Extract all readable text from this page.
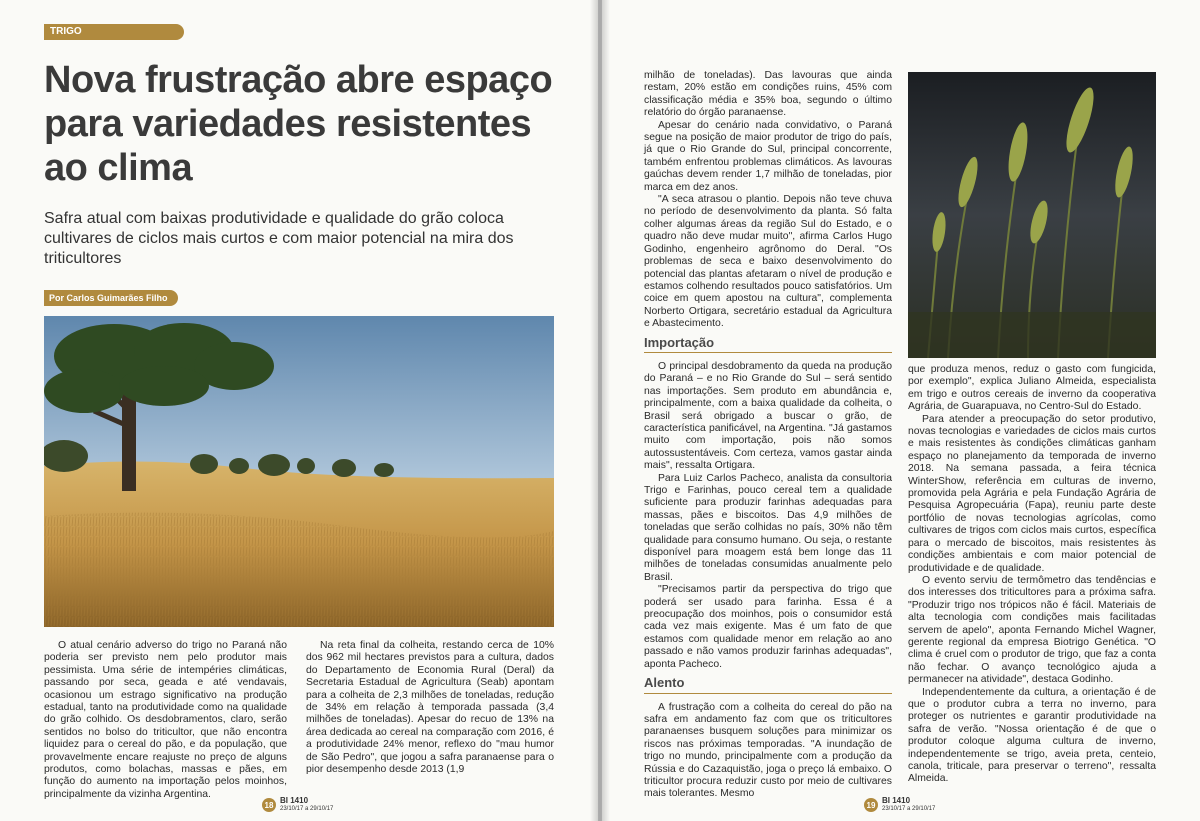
TRIGO
Nova frustração abre espaço para variedades resistentes ao clima
Safra atual com baixas produtividade e qualidade do grão coloca cultivares de ciclos mais curtos e com maior potencial na mira dos triticultores
Por Carlos Guimarães Filho

O atual cenário adverso do trigo no Paraná não poderia ser previsto nem pelo produtor mais pessimista. Uma série de intempéries climáticas, passando por seca, geada e até vendavais, ocasionou um estrago significativo na produção estadual, tanto na produtividade como na qualidade do grão colhido. Os desdobramentos, claro, serão sentidos no bolso do triticultor, que não encontra liquidez para o cereal do pão, e da população, que provavelmente encare reajuste no preço de alguns produtos, como bolachas, massas e pães, em função do aumento na importação pelos moinhos, principalmente da vizinha Argentina.

Na reta final da colheita, restando cerca de 10% dos 962 mil hectares previstos para a cultura, dados do Departamento de Economia Rural (Deral) da Secretaria Estadual de Agricultura (Seab) apontam para a colheita de 2,3 milhões de toneladas, redução de 34% em relação à temporada passada (3,4 milhões de toneladas). Apesar do recuo de 13% na área dedicada ao cereal na comparação com 2016, é a produtividade 24% menor, reflexo do "mau humor de São Pedro", que jogou a safra paranaense para o pior desempenho desde 2013 (1,9

18 BI 1410
23/10/17 a 29/10/17

milhão de toneladas). Das lavouras que ainda restam, 20% estão em condições ruins, 45% com classificação média e 35% boa, segundo o último relatório do órgão paranaense.

Apesar do cenário nada convidativo, o Paraná segue na posição de maior produtor de trigo do país, já que o Rio Grande do Sul, principal concorrente, também enfrentou problemas climáticos. As lavouras gaúchas devem render 1,7 milhão de toneladas, pior marca em dez anos.

"A seca atrasou o plantio. Depois não teve chuva no período de desenvolvimento da planta. Só falta colher algumas áreas da região Sul do Estado, e o quadro não deve mudar muito", afirma Carlos Hugo Godinho, engenheiro agrônomo do Deral. "Os problemas de seca e baixo desenvolvimento do potencial das plantas afetaram o nível de produção e estamos colhendo resultados pouco satisfatórios. Um coice em quem apostou na cultura", complementa Norberto Ortigara, secretário estadual da Agricultura e Abastecimento.

Importação

O principal desdobramento da queda na produção do Paraná – e no Rio Grande do Sul – será sentido nas importações. Sem produto em abundância e, principalmente, com a baixa qualidade da colheita, o Brasil será obrigado a buscar o grão, de característica panificável, na Argentina. "Já gastamos muito com importação, pois não somos autossustentáveis. Com certeza, vamos gastar ainda mais", ressalta Ortigara.

Para Luiz Carlos Pacheco, analista da consultoria Trigo e Farinhas, pouco cereal tem a qualidade suficiente para produzir farinhas adequadas para massas, pães e biscoitos. Das 4,9 milhões de toneladas que serão colhidas no país, 30% não têm qualidade para consumo humano. Ou seja, o restante disponível para moagem está bem longe das 11 milhões de toneladas consumidas anualmente pelo Brasil.

"Precisamos partir da perspectiva do trigo que poderá ser usado para farinha. Essa é a preocupação dos moinhos, pois o consumidor está cada vez mais exigente. Mas é um fato de que estamos com qualidade menor em relação ao ano passado e não vamos produzir farinhas adequadas", aponta Pacheco.

Alento

A frustração com a colheita do cereal do pão na safra em andamento faz com que os triticultores paranaenses busquem soluções para minimizar os riscos nas próximas temporadas. "A inundação de trigo no mundo, principalmente com a produção da Rússia e do Cazaquistão, joga o preço lá embaixo. O triticultor procura reduzir custo por meio de cultivares mais tolerantes. Mesmo

que produza menos, reduz o gasto com fungicida, por exemplo", explica Juliano Almeida, especialista em trigo e outros cereais de inverno da cooperativa Agrária, de Guarapuava, no Centro-Sul do Estado.

Para atender a preocupação do setor produtivo, novas tecnologias e variedades de ciclos mais curtos e mais resistentes às condições climáticas ganham espaço no planejamento da temporada de inverno 2018. Na semana passada, a feira técnica WinterShow, referência em culturas de inverno, promovida pela Agrária e pela Fundação Agrária de Pesquisa Agropecuária (Fapa), reuniu parte deste portfólio de novas tecnologias agrícolas, como cultivares de trigos com ciclos mais curtos, específica para o mercado de biscoitos, mais resistentes às condições ambientais e com maior potencial de produtividade e de qualidade.

O evento serviu de termômetro das tendências e dos interesses dos triticultores para a próxima safra. "Produzir trigo nos trópicos não é fácil. Materiais de alta tecnologia com condições mais facilitadas servem de apelo", aponta Fernando Michel Wagner, gerente regional da empresa Biotrigo Genética. "O clima é cruel com o produtor de trigo, que faz a conta não fechar. O avanço tecnológico ajuda a permanecer na atividade", destaca Godinho.

Independentemente da cultura, a orientação é de que o produtor cubra a terra no inverno, para proteger os nutrientes e garantir produtividade na safra de verão. "Nossa orientação é de que o produtor coloque alguma cultura de inverno, independentemente se trigo, aveia preta, centeio, canola, triticale, para preservar o terreno", ressalta Almeida.

19 BI 1410
23/10/17 a 29/10/17
